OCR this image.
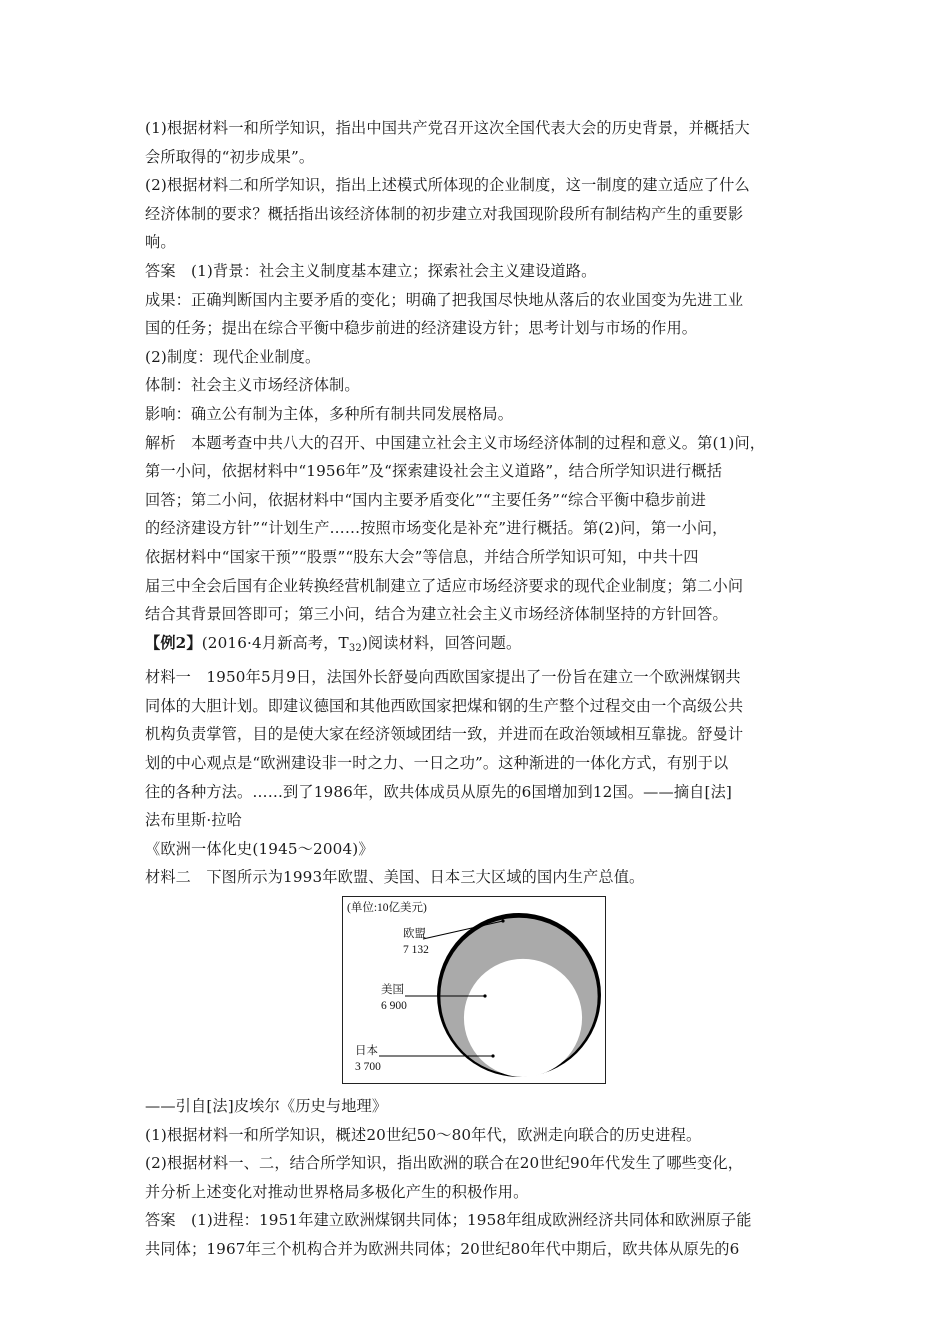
(1)根据材料一和所学知识，指出中国共产党召开这次全国代表大会的历史背景，并概括大
会所取得的“初步成果”。
(2)根据材料二和所学知识，指出上述模式所体现的企业制度，这一制度的建立适应了什么
经济体制的要求？概括指出该经济体制的初步建立对我国现阶段所有制结构产生的重要影
响。
答案　(1)背景：社会主义制度基本建立；探索社会主义建设道路。
成果：正确判断国内主要矛盾的变化；明确了把我国尽快地从落后的农业国变为先进工业
国的任务；提出在综合平衡中稳步前进的经济建设方针；思考计划与市场的作用。
(2)制度：现代企业制度。
体制：社会主义市场经济体制。
影响：确立公有制为主体，多种所有制共同发展格局。
解析　本题考查中共八大的召开、中国建立社会主义市场经济体制的过程和意义。第(1)问，
第一小问，依据材料中“1956年”及“探索建设社会主义道路”，结合所学知识进行概括
回答；第二小问，依据材料中“国内主要矛盾变化”“主要任务”“综合平衡中稳步前进
的经济建设方针”“计划生产……按照市场变化是补充”进行概括。第(2)问，第一小问，
依据材料中“国家干预”“股票”“股东大会”等信息，并结合所学知识可知，中共十四
届三中全会后国有企业转换经营机制建立了适应市场经济要求的现代企业制度；第二小问
结合其背景回答即可；第三小问，结合为建立社会主义市场经济体制坚持的方针回答。
【例2】(2016·4月新高考，$T_{32}$)阅读材料，回答问题。
材料一　1950年5月9日，法国外长舒曼向西欧国家提出了一份旨在建立一个欧洲煤钢共
同体的大胆计划。即建议德国和其他西欧国家把煤和钢的生产整个过程交由一个高级公共
机构负责掌管，目的是使大家在经济领域团结一致，并进而在政治领域相互靠拢。舒曼计
划的中心观点是“欧洲建设非一时之力、一日之功”。这种渐进的一体化方式，有别于以
往的各种方法。……到了1986年，欧共体成员从原先的6国增加到12国。——摘自[法]
法布里斯·拉哈
《欧洲一体化史(1945～2004)》
材料二　下图所示为1993年欧盟、美国、日本三大区域的国内生产总值。
(单位:10亿美元)
欧盟
7 132
美国
6 900
日本
3 700
——引自[法]皮埃尔《历史与地理》
(1)根据材料一和所学知识，概述20世纪50～80年代，欧洲走向联合的历史进程。
(2)根据材料一、二，结合所学知识，指出欧洲的联合在20世纪90年代发生了哪些变化，
并分析上述变化对推动世界格局多极化产生的积极作用。
答案　(1)进程：1951年建立欧洲煤钢共同体；1958年组成欧洲经济共同体和欧洲原子能
共同体；1967年三个机构合并为欧洲共同体；20世纪80年代中期后，欧共体从原先的6
